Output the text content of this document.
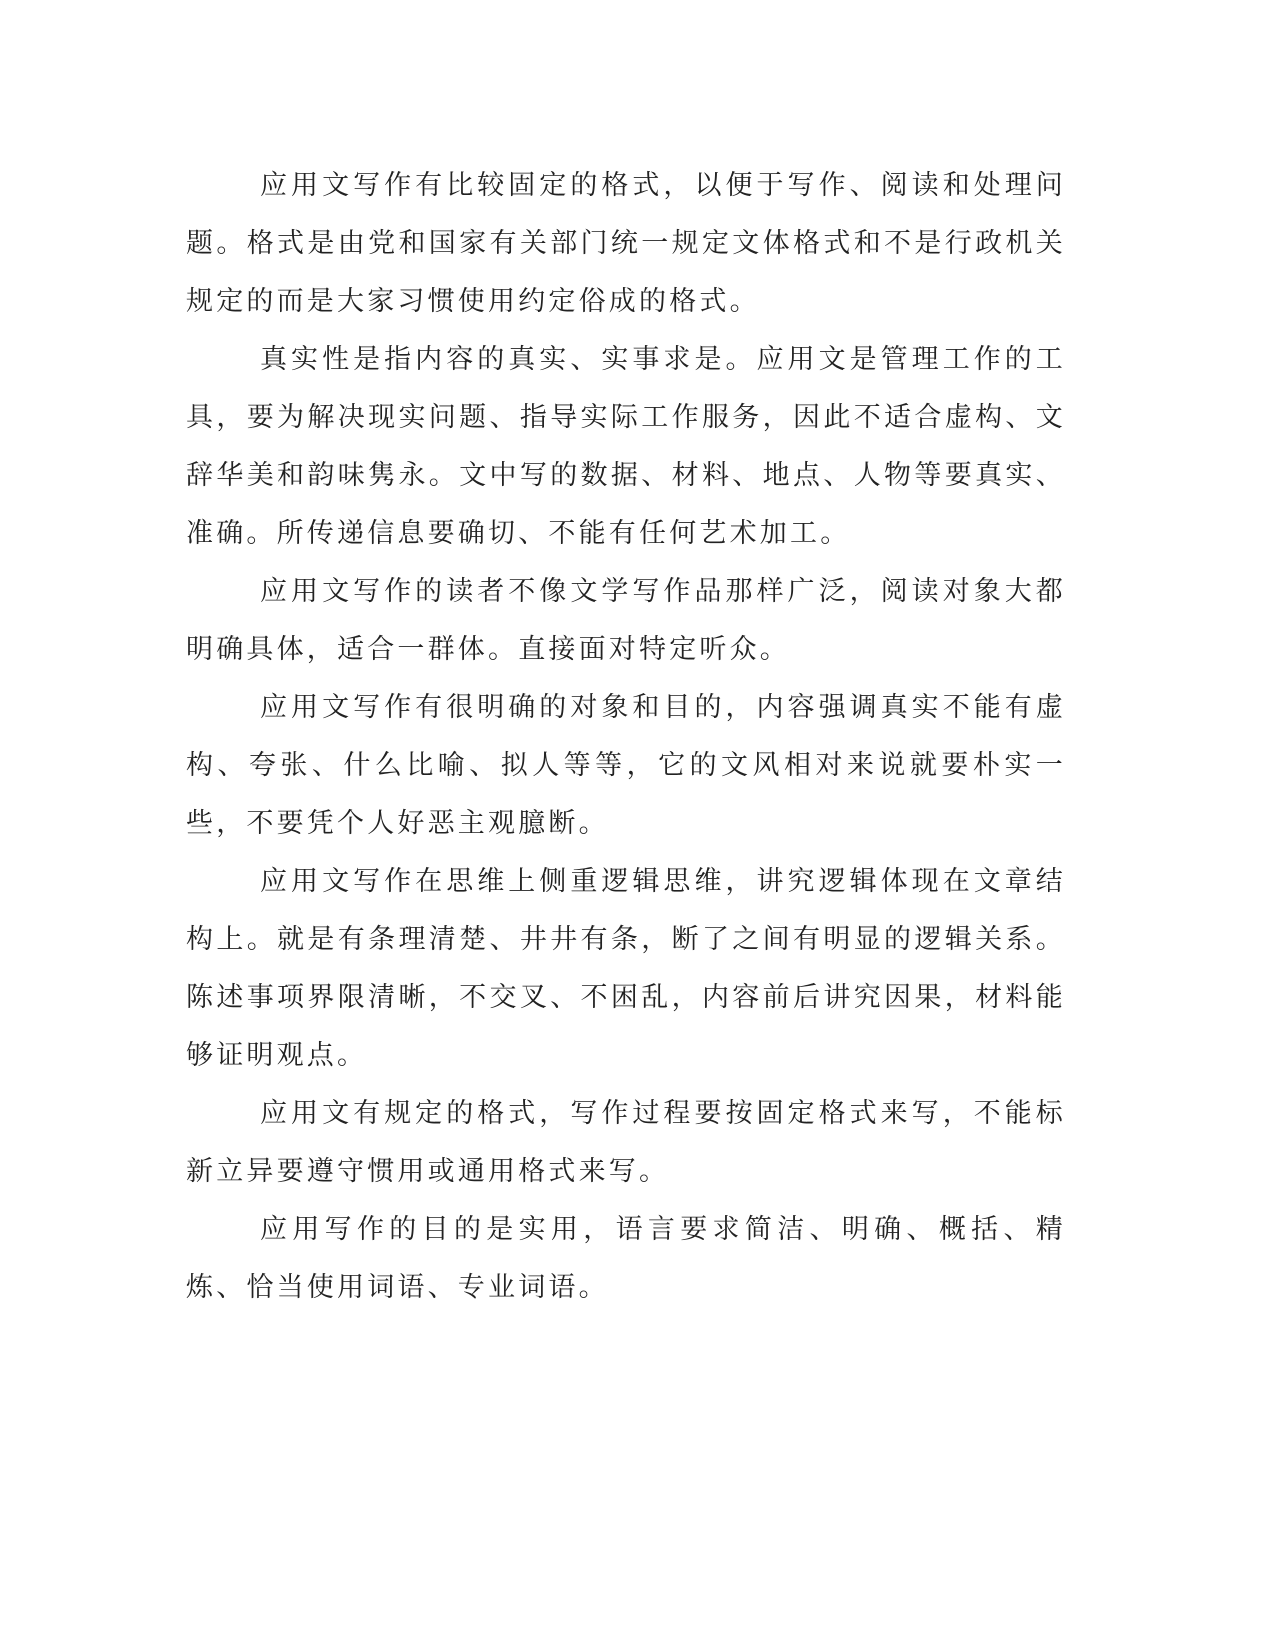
应用文写作有比较固定的格式，以便于写作、阅读和处理问题。格式是由党和国家有关部门统一规定文体格式和不是行政机关规定的而是大家习惯使用约定俗成的格式。

真实性是指内容的真实、实事求是。应用文是管理工作的工具，要为解决现实问题、指导实际工作服务，因此不适合虚构、文辞华美和韵味隽永。文中写的数据、材料、地点、人物等要真实、准确。所传递信息要确切、不能有任何艺术加工。

应用文写作的读者不像文学写作品那样广泛，阅读对象大都明确具体，适合一群体。直接面对特定听众。

应用文写作有很明确的对象和目的，内容强调真实不能有虚构、夸张、什么比喻、拟人等等，它的文风相对来说就要朴实一些，不要凭个人好恶主观臆断。

应用文写作在思维上侧重逻辑思维，讲究逻辑体现在文章结构上。就是有条理清楚、井井有条，断了之间有明显的逻辑关系。陈述事项界限清晰，不交叉、不困乱，内容前后讲究因果，材料能够证明观点。

应用文有规定的格式，写作过程要按固定格式来写，不能标新立异要遵守惯用或通用格式来写。

应用写作的目的是实用，语言要求简洁、明确、概括、精炼、恰当使用词语、专业词语。
